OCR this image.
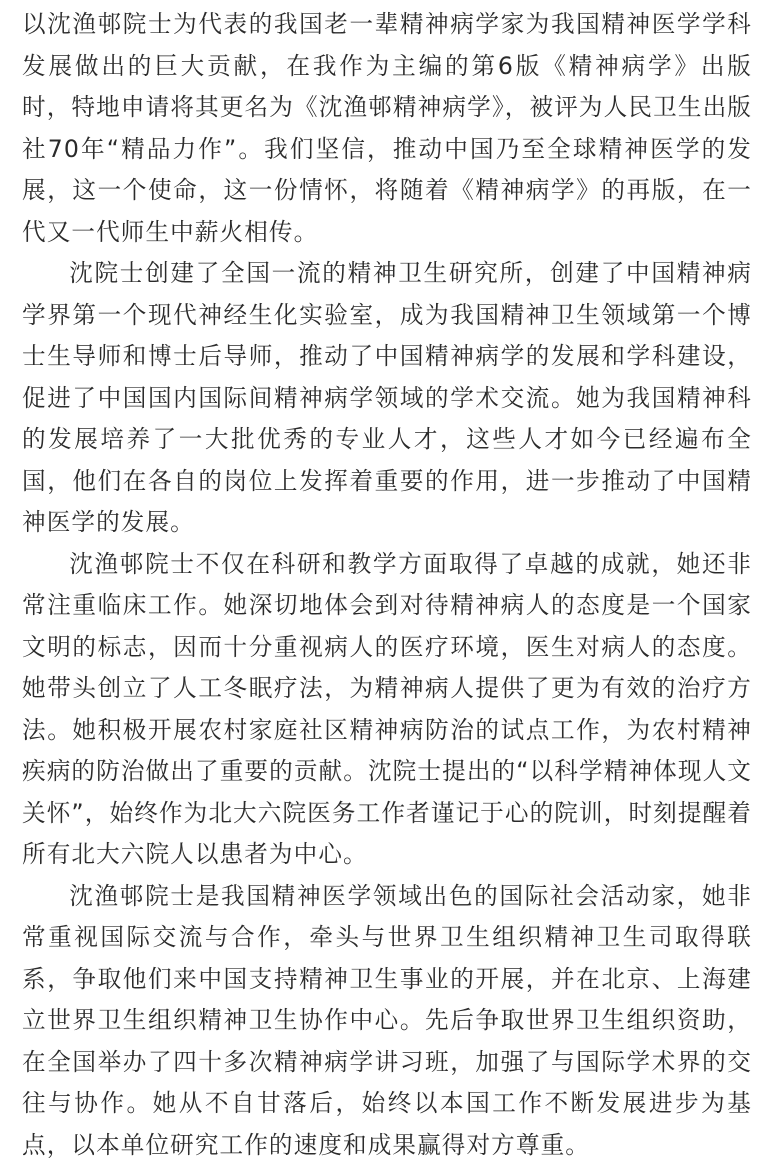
以沈渔邨院士为代表的我国老一辈精神病学家为我国精神医学学科发展做出的巨大贡献，在我作为主编的第6版《精神病学》出版时，特地申请将其更名为《沈渔邨精神病学》，被评为人民卫生出版社70年“精品力作”。我们坚信，推动中国乃至全球精神医学的发展，这一个使命，这一份情怀，将随着《精神病学》的再版，在一代又一代师生中薪火相传。

沈院士创建了全国一流的精神卫生研究所，创建了中国精神病学界第一个现代神经生化实验室，成为我国精神卫生领域第一个博士生导师和博士后导师，推动了中国精神病学的发展和学科建设，促进了中国国内国际间精神病学领域的学术交流。她为我国精神科的发展培养了一大批优秀的专业人才，这些人才如今已经遍布全国，他们在各自的岗位上发挥着重要的作用，进一步推动了中国精神医学的发展。

沈渔邨院士不仅在科研和教学方面取得了卓越的成就，她还非常注重临床工作。她深切地体会到对待精神病人的态度是一个国家文明的标志，因而十分重视病人的医疗环境，医生对病人的态度。她带头创立了人工冬眠疗法，为精神病人提供了更为有效的治疗方法。她积极开展农村家庭社区精神病防治的试点工作，为农村精神疾病的防治做出了重要的贡献。沈院士提出的“以科学精神体现人文关怀”，始终作为北大六院医务工作者谨记于心的院训，时刻提醒着所有北大六院人以患者为中心。

沈渔邨院士是我国精神医学领域出色的国际社会活动家，她非常重视国际交流与合作，牵头与世界卫生组织精神卫生司取得联系，争取他们来中国支持精神卫生事业的开展，并在北京、上海建立世界卫生组织精神卫生协作中心。先后争取世界卫生组织资助，在全国举办了四十多次精神病学讲习班，加强了与国际学术界的交往与协作。她从不自甘落后，始终以本国工作不断发展进步为基点，以本单位研究工作的速度和成果赢得对方尊重。
